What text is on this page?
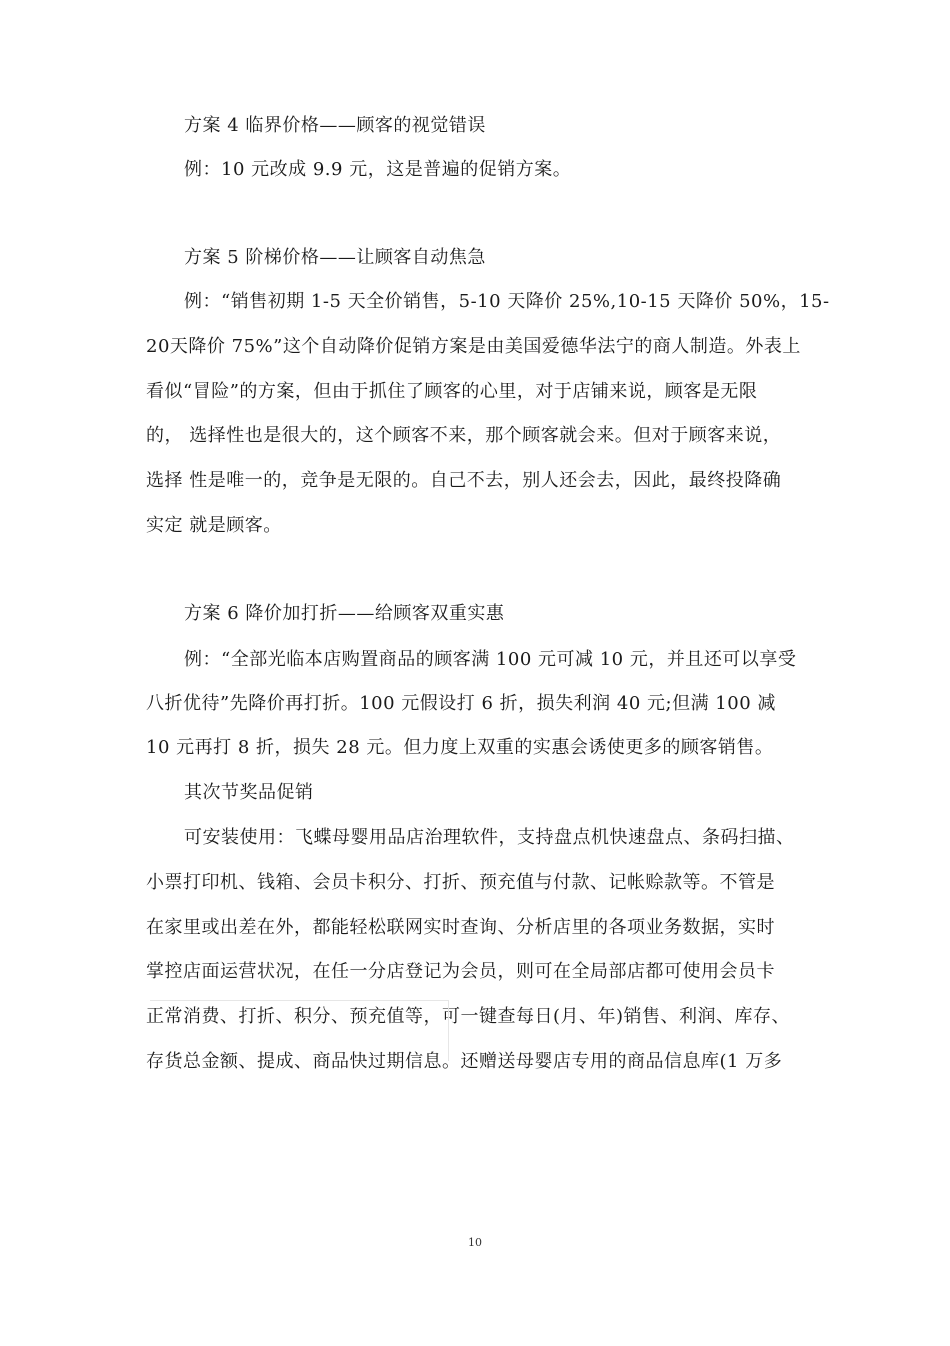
方案 4 临界价格——顾客的视觉错误
例：10 元改成 9.9 元，这是普遍的促销方案。
方案 5 阶梯价格——让顾客自动焦急
例：“销售初期 1-5 天全价销售，5-10 天降价 25%,10-15 天降价 50%，15-
20天降价 75%”这个自动降价促销方案是由美国爱德华法宁的商人制造。外表上
看似“冒险”的方案，但由于抓住了顾客的心里，对于店铺来说，顾客是无限
的， 选择性也是很大的，这个顾客不来，那个顾客就会来。但对于顾客来说，
选择 性是唯一的，竞争是无限的。自己不去，别人还会去，因此，最终投降确
实定 就是顾客。
方案 6 降价加打折——给顾客双重实惠
例：“全部光临本店购置商品的顾客满 100 元可减 10 元，并且还可以享受
八折优待”先降价再打折。100 元假设打 6 折，损失利润 40 元;但满 100 减
10 元再打 8 折，损失 28 元。但力度上双重的实惠会诱使更多的顾客销售。
其次节奖品促销
可安装使用：飞蝶母婴用品店治理软件，支持盘点机快速盘点、条码扫描、
小票打印机、钱箱、会员卡积分、打折、预充值与付款、记帐赊款等。不管是
在家里或出差在外，都能轻松联网实时查询、分析店里的各项业务数据，实时
掌控店面运营状况，在任一分店登记为会员，则可在全局部店都可使用会员卡
正常消费、打折、积分、预充值等，可一键查每日(月、年)销售、利润、库存、
存货总金额、提成、商品快过期信息。还赠送母婴店专用的商品信息库(1 万多
10
